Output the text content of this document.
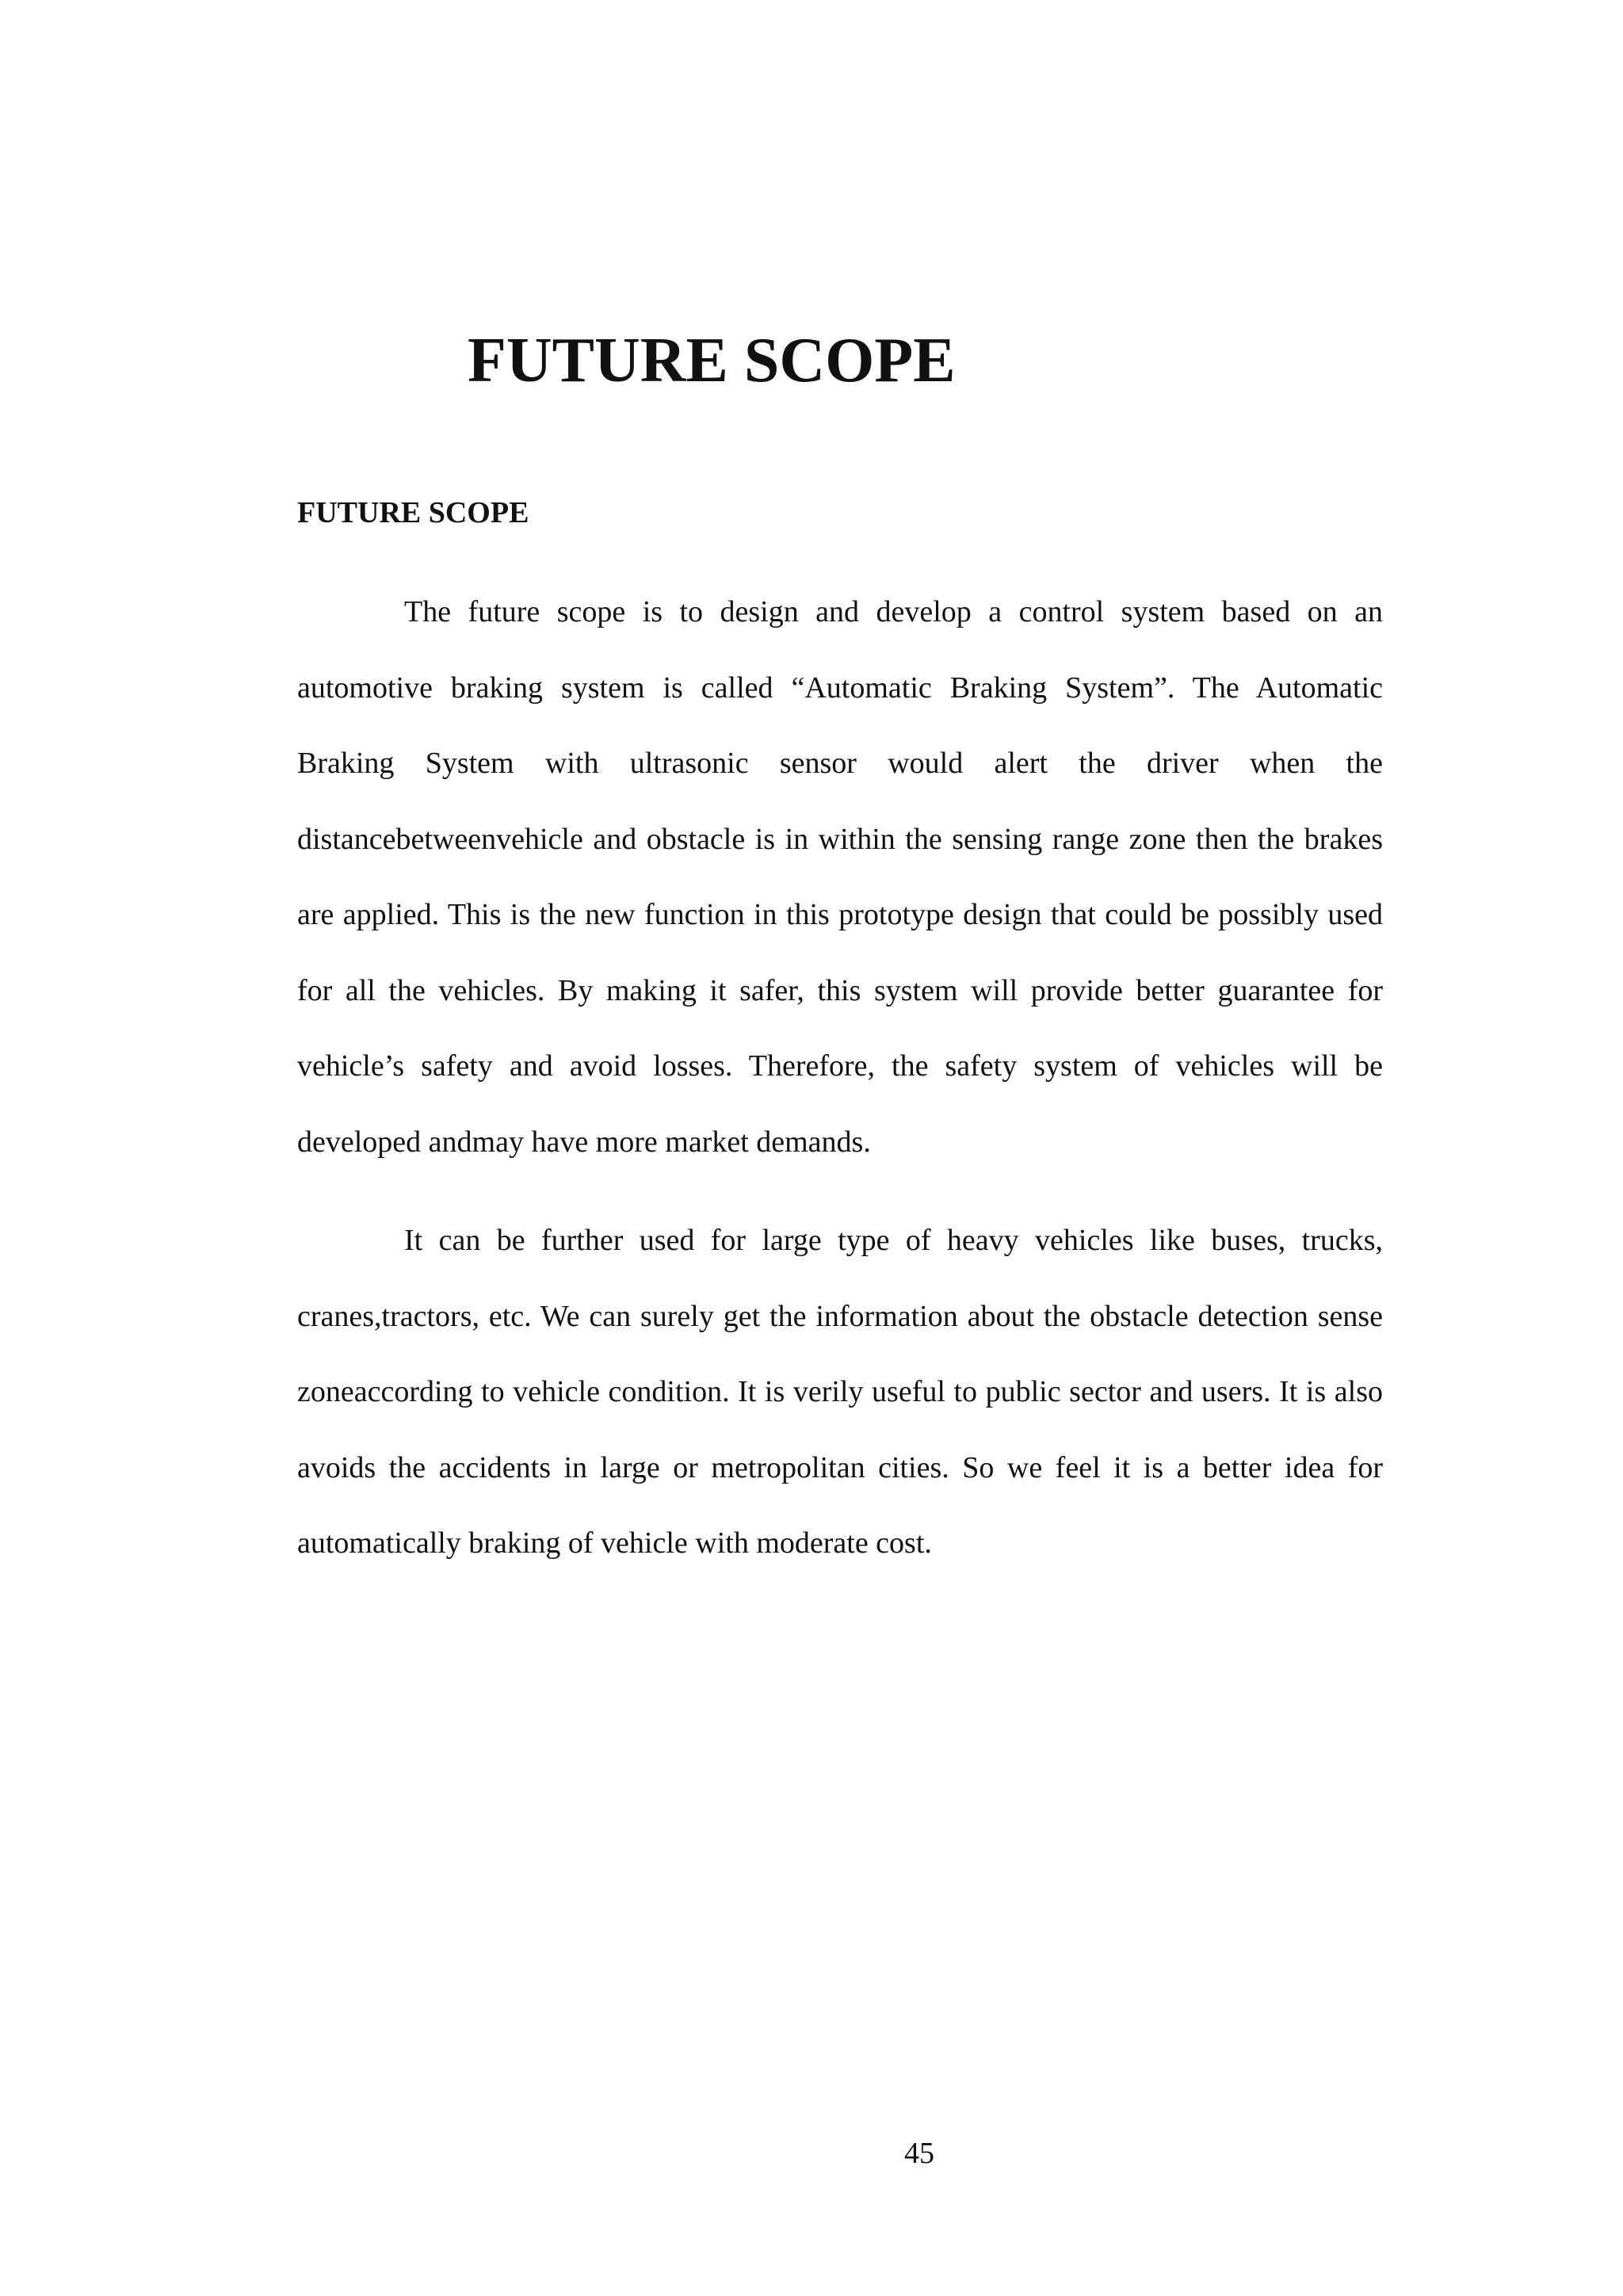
FUTURE SCOPE
FUTURE SCOPE

The future scope is to design and develop a control system based on an automotive braking system is called “Automatic Braking System”. The Automatic Braking System with ultrasonic sensor would alert the driver when the distancebetweenvehicle and obstacle is in within the sensing range zone then the brakes are applied. This is the new function in this prototype design that could be possibly used for all the vehicles. By making it safer, this system will provide better guarantee for vehicle’s safety and avoid losses. Therefore, the safety system of vehicles will be developed andmay have more market demands.

It can be further used for large type of heavy vehicles like buses, trucks, cranes,tractors, etc. We can surely get the information about the obstacle detection sense zoneaccording to vehicle condition. It is verily useful to public sector and users. It is also avoids the accidents in large or metropolitan cities. So we feel it is a better idea for automatically braking of vehicle with moderate cost.

45
